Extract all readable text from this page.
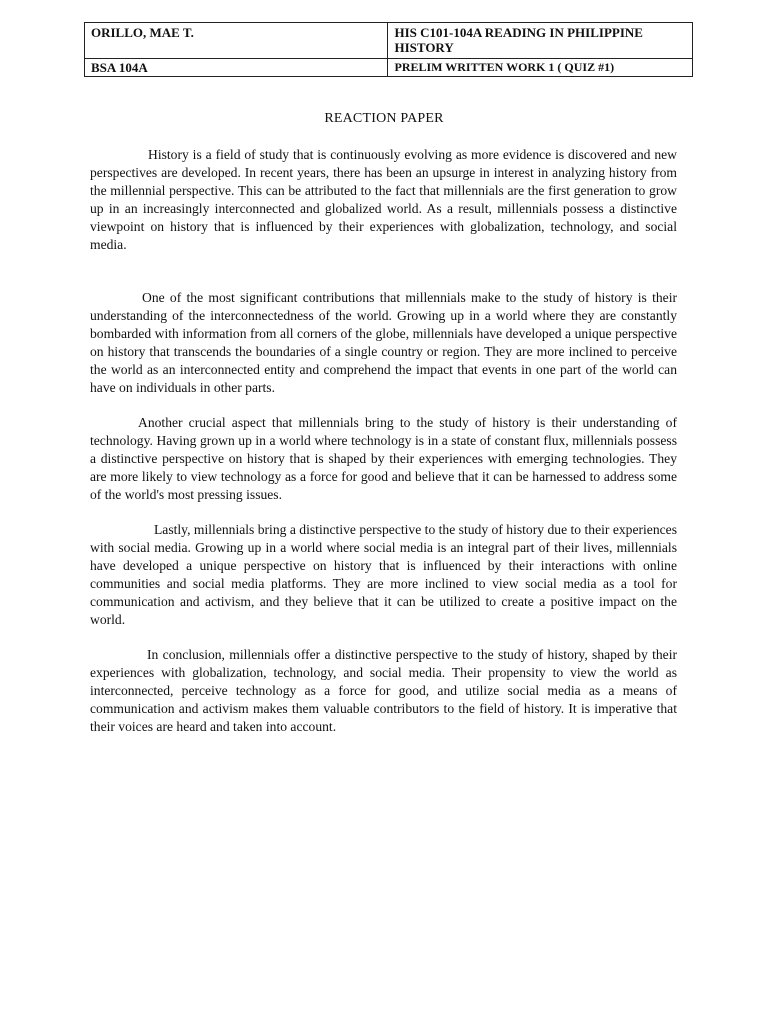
ORILLO, MAE T.	HIS C101-104A READING IN PHILIPPINE HISTORY
BSA 104A	PRELIM WRITTEN WORK 1 ( QUIZ #1)
REACTION PAPER

History is a field of study that is continuously evolving as more evidence is discovered and new perspectives are developed. In recent years, there has been an upsurge in interest in analyzing history from the millennial perspective. This can be attributed to the fact that millennials are the first generation to grow up in an increasingly interconnected and globalized world. As a result, millennials possess a distinctive viewpoint on history that is influenced by their experiences with globalization, technology, and social media.

One of the most significant contributions that millennials make to the study of history is their understanding of the interconnectedness of the world. Growing up in a world where they are constantly bombarded with information from all corners of the globe, millennials have developed a unique perspective on history that transcends the boundaries of a single country or region. They are more inclined to perceive the world as an interconnected entity and comprehend the impact that events in one part of the world can have on individuals in other parts.

Another crucial aspect that millennials bring to the study of history is their understanding of technology. Having grown up in a world where technology is in a state of constant flux, millennials possess a distinctive perspective on history that is shaped by their experiences with emerging technologies. They are more likely to view technology as a force for good and believe that it can be harnessed to address some of the world's most pressing issues.

Lastly, millennials bring a distinctive perspective to the study of history due to their experiences with social media. Growing up in a world where social media is an integral part of their lives, millennials have developed a unique perspective on history that is influenced by their interactions with online communities and social media platforms. They are more inclined to view social media as a tool for communication and activism, and they believe that it can be utilized to create a positive impact on the world.

In conclusion, millennials offer a distinctive perspective to the study of history, shaped by their experiences with globalization, technology, and social media. Their propensity to view the world as interconnected, perceive technology as a force for good, and utilize social media as a means of communication and activism makes them valuable contributors to the field of history. It is imperative that their voices are heard and taken into account.
